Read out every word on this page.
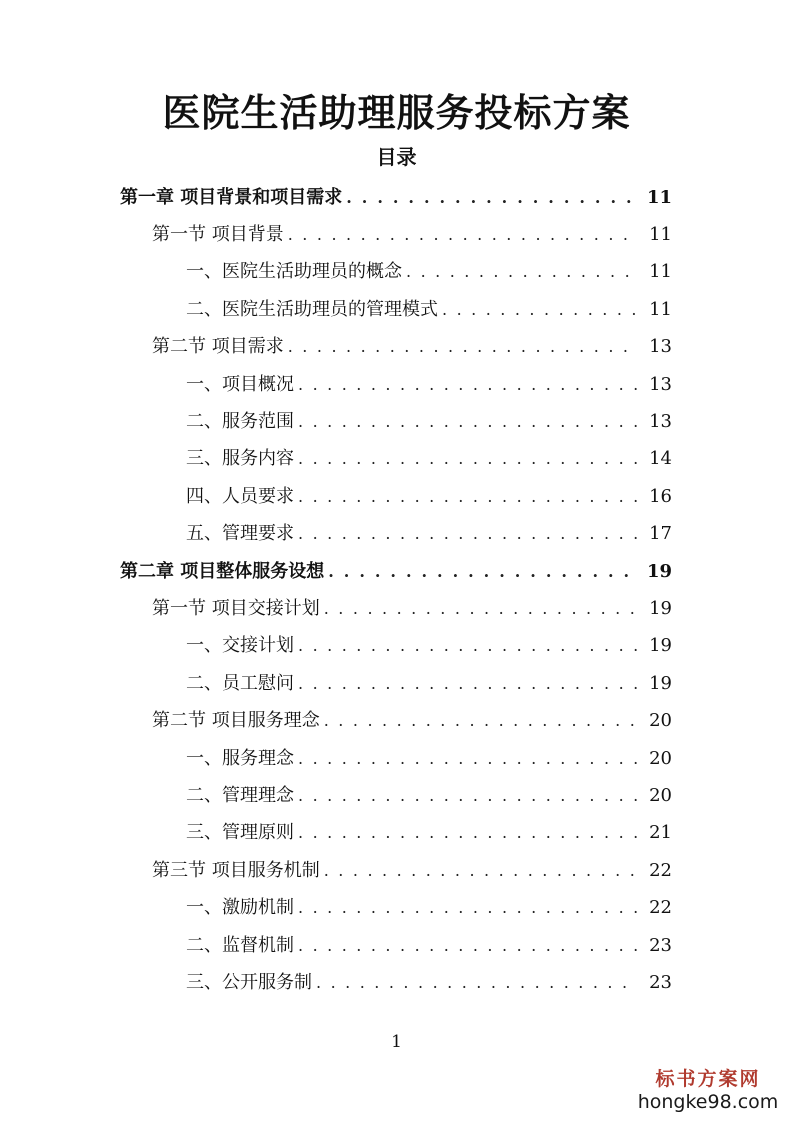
医院生活助理服务投标方案
目录
第一章 项目背景和项目需求 . . .	11
第一节 项目背景 . . .	11
一、医院生活助理员的概念 . . .	11
二、医院生活助理员的管理模式 . . .	11
第二节 项目需求 . . .	13
一、项目概况 . . .	13
二、服务范围 . . .	13
三、服务内容 . . .	14
四、人员要求 . . .	16
五、管理要求 . . .	17
第二章 项目整体服务设想 . . .	19
第一节 项目交接计划 . . .	19
一、交接计划 . . .	19
二、员工慰问 . . .	19
第二节 项目服务理念 . . .	20
一、服务理念 . . .	20
二、管理理念 . . .	20
三、管理原则 . . .	21
第三节 项目服务机制 . . .	22
一、激励机制 . . .	22
二、监督机制 . . .	23
三、公开服务制 . . .	23
1
标书方案网
hongke98.com
